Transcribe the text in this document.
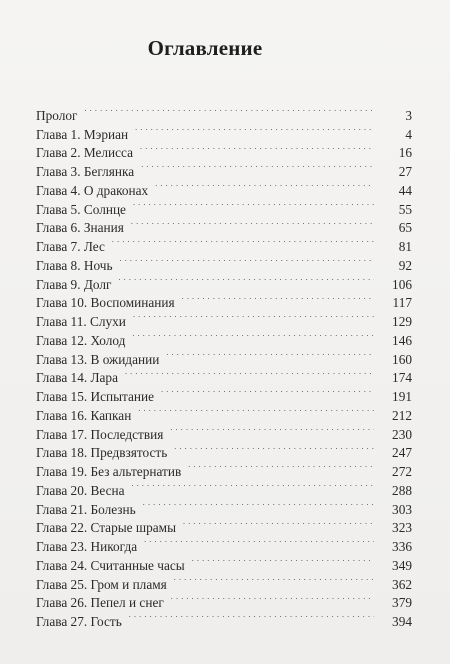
Оглавление
Пролог . . .	3
Глава 1. Мэриан . . .	4
Глава 2. Мелисса . . .	16
Глава 3. Беглянка . . .	27
Глава 4. О драконах . . .	44
Глава 5. Солнце . . .	55
Глава 6. Знания . . .	65
Глава 7. Лес . . .	81
Глава 8. Ночь . . .	92
Глава 9. Долг . . .	106
Глава 10. Воспоминания . . .	117
Глава 11. Слухи . . .	129
Глава 12. Холод . . .	146
Глава 13. В ожидании . . .	160
Глава 14. Лара . . .	174
Глава 15. Испытание . . .	191
Глава 16. Капкан . . .	212
Глава 17. Последствия . . .	230
Глава 18. Предвзятость . . .	247
Глава 19. Без альтернатив . . .	272
Глава 20. Весна . . .	288
Глава 21. Болезнь . . .	303
Глава 22. Старые шрамы . . .	323
Глава 23. Никогда . . .	336
Глава 24. Считанные часы . . .	349
Глава 25. Гром и пламя . . .	362
Глава 26. Пепел и снег . . .	379
Глава 27. Гость . . .	394
